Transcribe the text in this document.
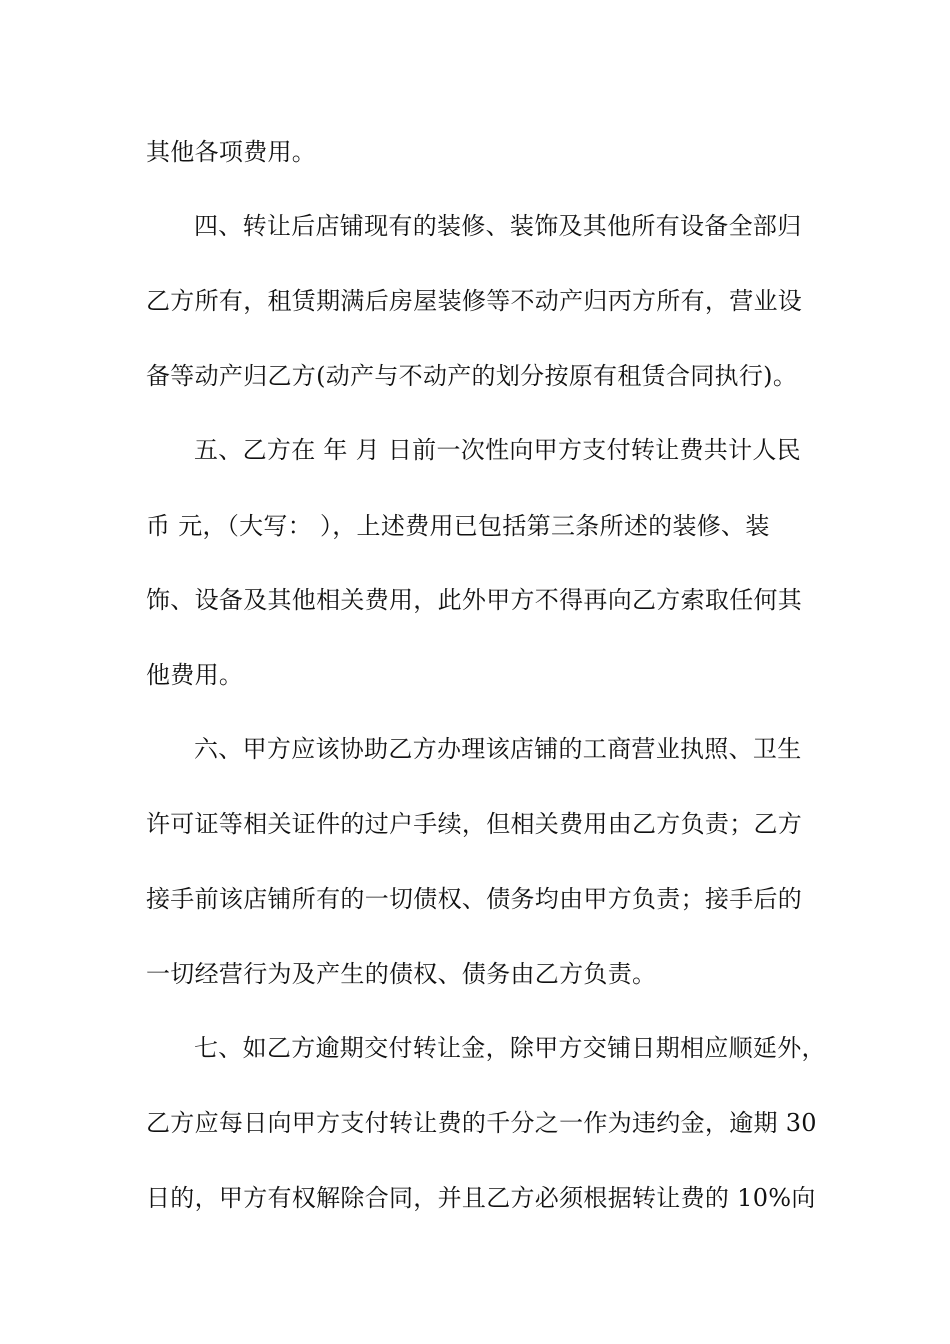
其他各项费用。
四、转让后店铺现有的装修、装饰及其他所有设备全部归
乙方所有，租赁期满后房屋装修等不动产归丙方所有，营业设
备等动产归乙方(动产与不动产的划分按原有租赁合同执行)。
五、乙方在 年 月 日前一次性向甲方支付转让费共计人民
币 元，（大写： ），上述费用已包括第三条所述的装修、装
饰、设备及其他相关费用，此外甲方不得再向乙方索取任何其
他费用。
六、甲方应该协助乙方办理该店铺的工商营业执照、卫生
许可证等相关证件的过户手续，但相关费用由乙方负责；乙方
接手前该店铺所有的一切债权、债务均由甲方负责；接手后的
一切经营行为及产生的债权、债务由乙方负责。
七、如乙方逾期交付转让金，除甲方交铺日期相应顺延外，
乙方应每日向甲方支付转让费的千分之一作为违约金，逾期 30
日的，甲方有权解除合同，并且乙方必须根据转让费的 10%向
